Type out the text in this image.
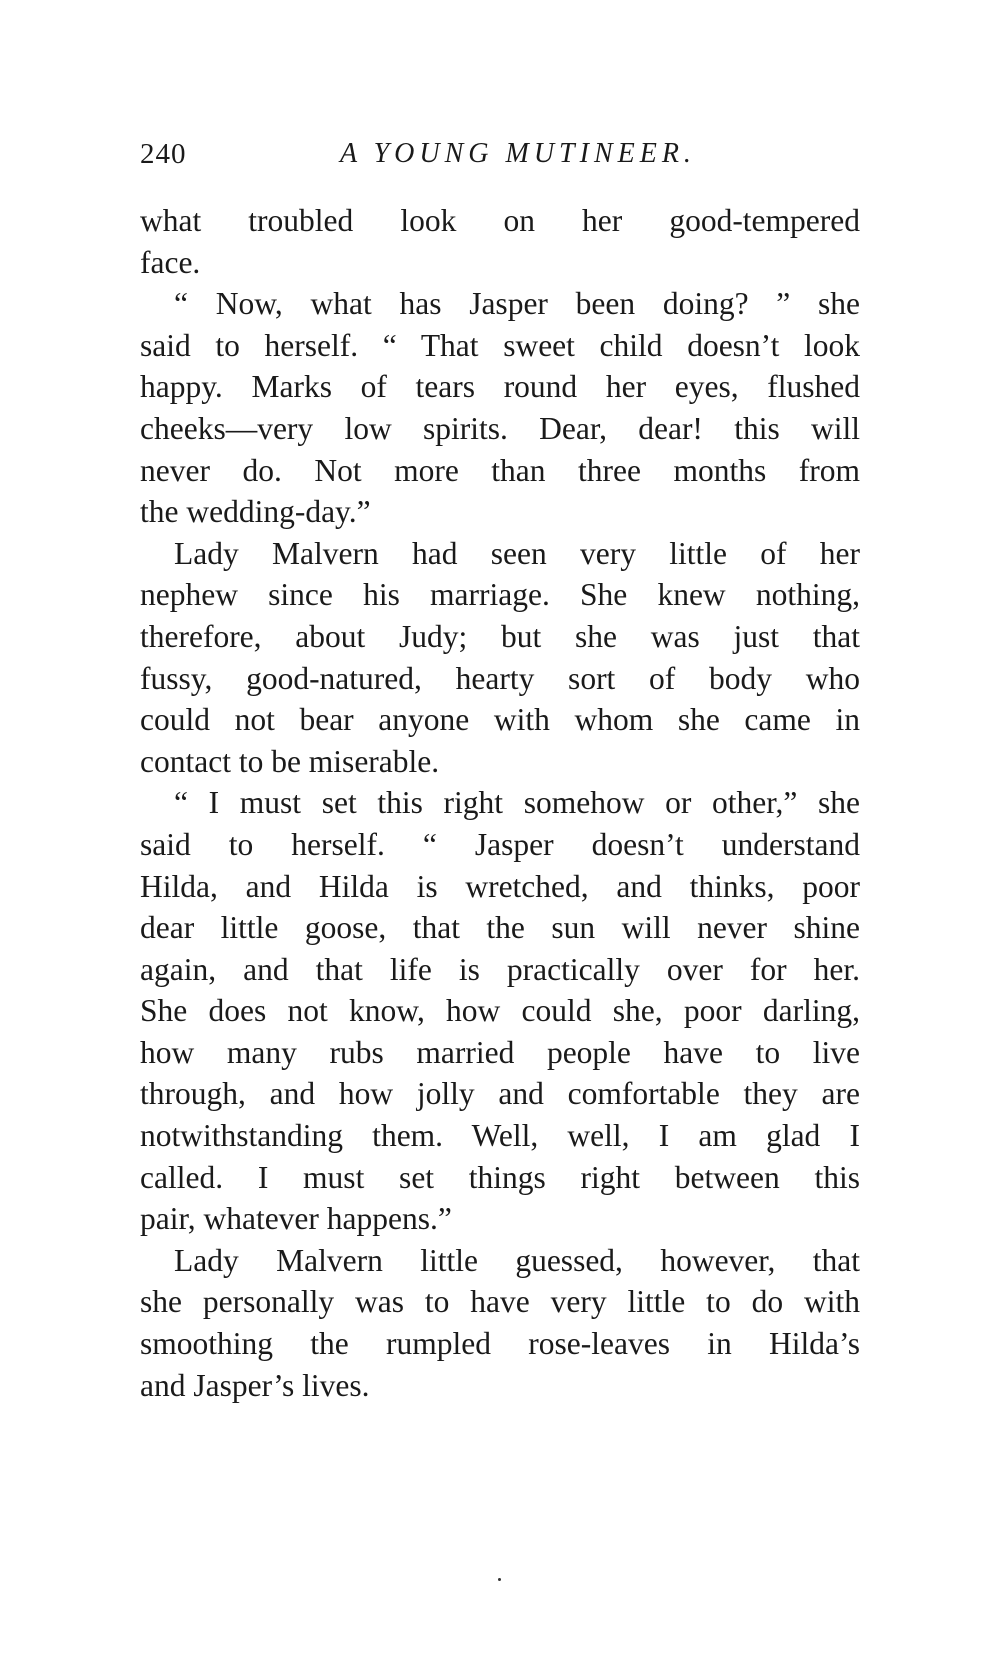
240	A YOUNG MUTINEER.
what troubled look on her good-tempered
face.
“ Now, what has Jasper been doing? ” she
said to herself. “ That sweet child doesn’t look
happy. Marks of tears round her eyes, flushed
cheeks—very low spirits. Dear, dear! this will
never do. Not more than three months from
the wedding-day.”
Lady Malvern had seen very little of her
nephew since his marriage. She knew nothing,
therefore, about Judy; but she was just that
fussy, good-natured, hearty sort of body who
could not bear anyone with whom she came in
contact to be miserable.
“ I must set this right somehow or other,” she
said to herself. “ Jasper doesn’t understand
Hilda, and Hilda is wretched, and thinks, poor
dear little goose, that the sun will never shine
again, and that life is practically over for her.
She does not know, how could she, poor darling,
how many rubs married people have to live
through, and how jolly and comfortable they are
notwithstanding them. Well, well, I am glad I
called. I must set things right between this
pair, whatever happens.”
Lady Malvern little guessed, however, that
she personally was to have very little to do with
smoothing the rumpled rose-leaves in Hilda’s
and Jasper’s lives.
